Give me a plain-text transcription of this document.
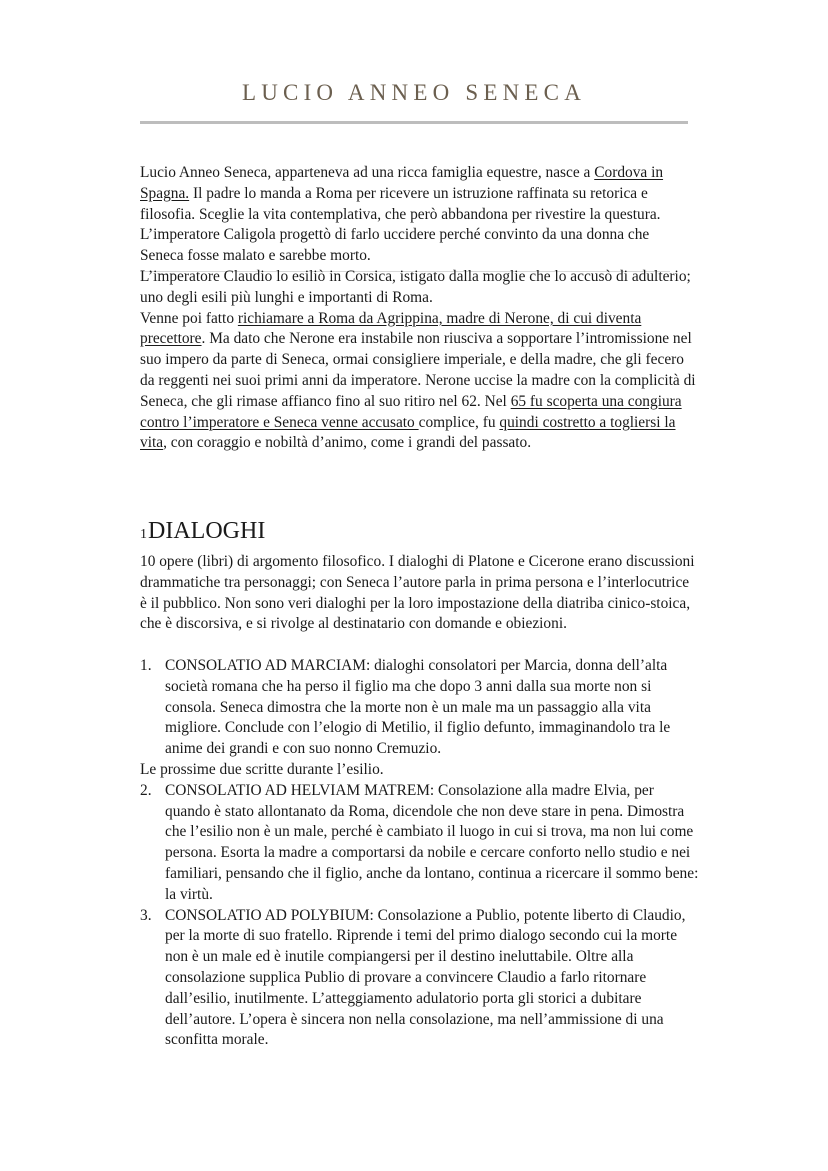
LUCIO ANNEO SENECA

Lucio Anneo Seneca, apparteneva ad una ricca famiglia equestre, nasce a Cordova in Spagna. Il padre lo manda a Roma per ricevere un istruzione raffinata su retorica e filosofia. Sceglie la vita contemplativa, che però abbandona per rivestire la questura.

L’imperatore Caligola progettò di farlo uccidere perché convinto da una donna che Seneca fosse malato e sarebbe morto.

L’imperatore Claudio lo esiliò in Corsica, istigato dalla moglie che lo accusò di adulterio; uno degli esili più lunghi e importanti di Roma.

Venne poi fatto richiamare a Roma da Agrippina, madre di Nerone, di cui diventa precettore. Ma dato che Nerone era instabile non riusciva a sopportare l’intromissione nel suo impero da parte di Seneca, ormai consigliere imperiale, e della madre, che gli fecero da reggenti nei suoi primi anni da imperatore. Nerone uccise la madre con la complicità di Seneca, che gli rimase affianco fino al suo ritiro nel 62. Nel 65 fu scoperta una congiura contro l’imperatore e Seneca venne accusato complice, fu quindi costretto a togliersi la vita, con coraggio e nobiltà d’animo, come i grandi del passato.

1DIALOGHI

10 opere (libri) di argomento filosofico. I dialoghi di Platone e Cicerone erano discussioni drammatiche tra personaggi; con Seneca l’autore parla in prima persona e l’interlocutrice è il pubblico. Non sono veri dialoghi per la loro impostazione della diatriba cinico-stoica, che è discorsiva, e si rivolge al destinatario con domande e obiezioni.

1. CONSOLATIO AD MARCIAM: dialoghi consolatori per Marcia, donna dell’alta società romana che ha perso il figlio ma che dopo 3 anni dalla sua morte non si consola. Seneca dimostra che la morte non è un male ma un passaggio alla vita migliore. Conclude con l’elogio di Metilio, il figlio defunto, immaginandolo tra le anime dei grandi e con suo nonno Cremuzio.
Le prossime due scritte durante l’esilio.
2. CONSOLATIO AD HELVIAM MATREM: Consolazione alla madre Elvia, per quando è stato allontanato da Roma, dicendole che non deve stare in pena. Dimostra che l’esilio non è un male, perché è cambiato il luogo in cui si trova, ma non lui come persona. Esorta la madre a comportarsi da nobile e cercare conforto nello studio e nei familiari, pensando che il figlio, anche da lontano, continua a ricercare il sommo bene: la virtù.
3. CONSOLATIO AD POLYBIUM: Consolazione a Publio, potente liberto di Claudio, per la morte di suo fratello. Riprende i temi del primo dialogo secondo cui la morte non è un male ed è inutile compiangersi per il destino ineluttabile. Oltre alla consolazione supplica Publio di provare a convincere Claudio a farlo ritornare dall’esilio, inutilmente. L’atteggiamento adulatorio porta gli storici a dubitare dell’autore. L’opera è sincera non nella consolazione, ma nell’ammissione di una sconfitta morale.
